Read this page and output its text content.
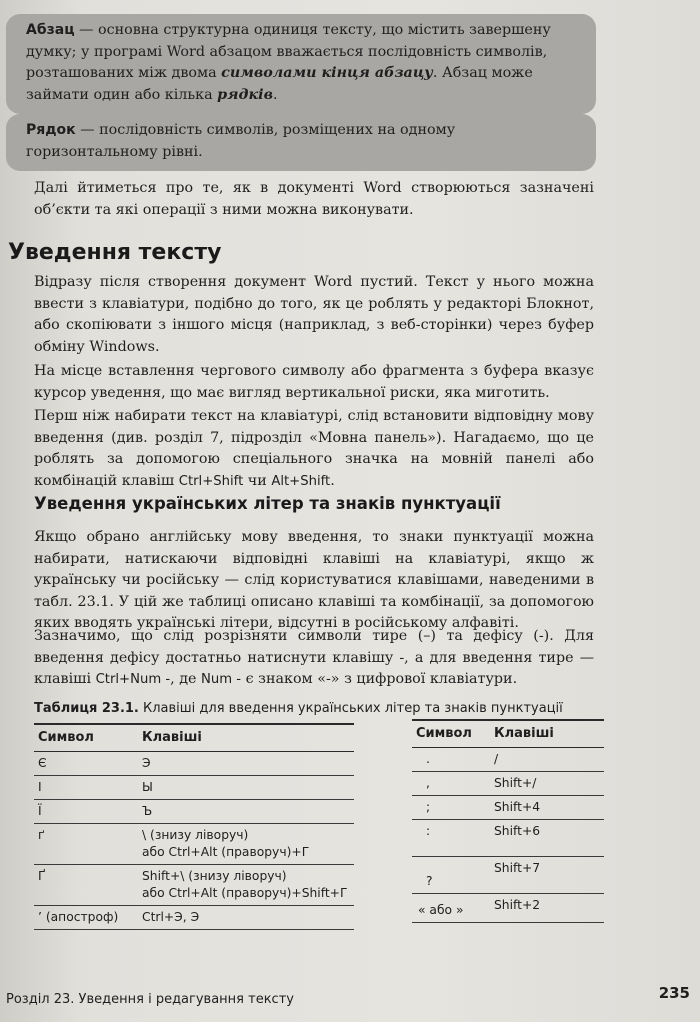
Абзац — основна структурна одиниця тексту, що містить завершену думку; у програмі Word абзацом вважається послідовність символів, розташованих між двома символами кінця абзацу. Абзац може займати один або кілька рядків.
Рядок — послідовність символів, розміщених на одному горизонтальному рівні.
Далі йтиметься про те, як в документі Word створюються зазначені об’єкти та які операції з ними можна виконувати.
Уведення тексту
Відразу після створення документ Word пустий. Текст у нього можна ввести з клавіатури, подібно до того, як це роблять у редакторі Блокнот, або скопіювати з іншого місця (наприклад, з веб-сторінки) через буфер обміну Windows.
На місце вставлення чергового символу або фрагмента з буфера вказує курсор уведення, що має вигляд вертикальної риски, яка миготить.
Перш ніж набирати текст на клавіатурі, слід встановити відповідну мову введення (див. розділ 7, підрозділ «Мовна панель»). Нагадаємо, що це роблять за допомогою спеціального значка на мовній панелі або комбінацій клавіш Ctrl+Shift чи Alt+Shift.
Уведення українських літер та знаків пунктуації
Якщо обрано англійську мову введення, то знаки пунктуації можна набирати, натискаючи відповідні клавіші на клавіатурі, якщо ж українську чи російську — слід користуватися клавішами, наведеними в табл. 23.1. У цій же таблиці описано клавіші та комбінації, за допомогою яких вводять українські літери, відсутні в російському алфавіті.
Зазначимо, що слід розрізняти символи тире (–) та дефісу (-). Для введення дефісу достатньо натиснути клавішу -, а для введення тире — клавіші Ctrl+Num -, де Num - є знаком «-» з цифрової клавіатури.
Таблиця 23.1. Клавіші для введення українських літер та знаків пунктуації
Символ	Клавіші
Є	Э

І	Ы

Ї	Ъ

ґ	\ (знизу ліворуч)
або Ctrl+Alt (праворуч)+Г

Ґ	Shift+\ (знизу ліворуч)
або Ctrl+Alt (праворуч)+Shift+Г

’ (апостроф)	Ctrl+Э, Э
Символ	Клавіші
.	/
,	Shift+/
;	Shift+4
:	Shift+6
?	Shift+7
« або »	Shift+2
Розділ 23. Уведення і редагування тексту	235
